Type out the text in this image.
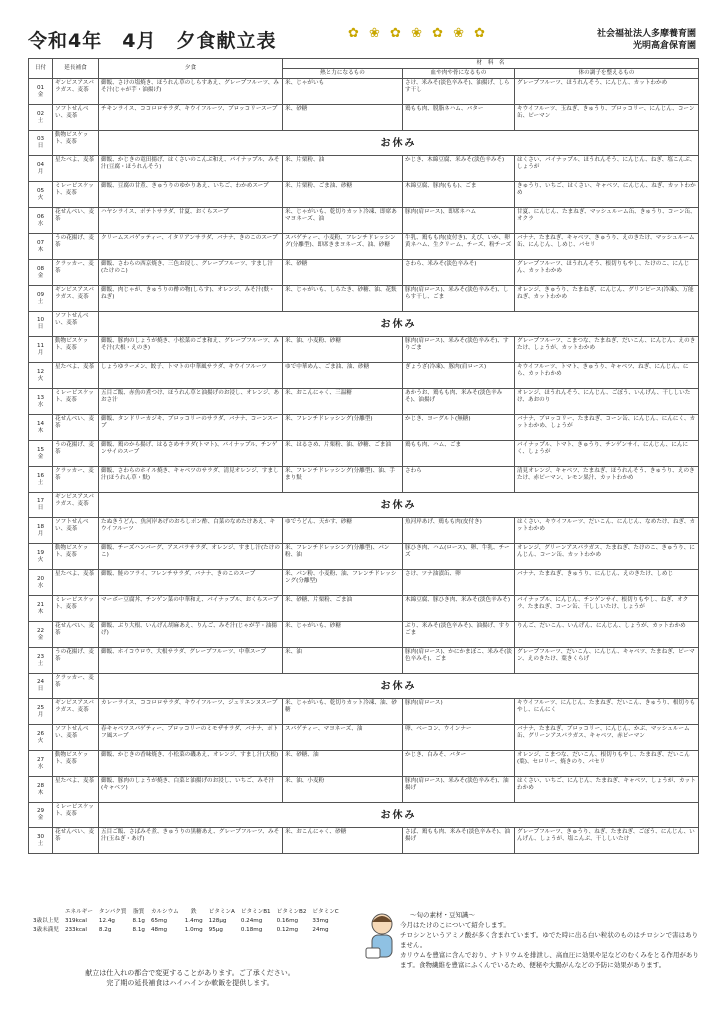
令和4年　4月　夕食献立表	✿ ❀ ✿ ❀ ✿ ❀ ✿	社会福祉法人多摩養育園
光明高倉保育園
日付	延長補食	夕食	材　料　名		
			熱と力になるもの	血や肉や骨になるもの	体の調子を整えるもの

01
金	ギンビスアスパラガス、麦茶	御飯、さけの塩焼き、ほうれん草のしらすあえ、グレープフルーツ、みそ汁(じゃが芋・油揚げ)	米、じゃがいも	さけ、米みそ(淡色辛みそ)、油揚げ、しらす干し	グレープフルーツ、ほうれんそう、にんじん、カットわかめ

02
土	ソフトせんべい、麦茶	チキンライス、ココロロサラダ、キウイフルーツ、ブロッコリースープ	米、砂糖	鶏もも肉、脱脂ネハム、バター	キウイフルーツ、玉ねぎ、きゅうり、ブロッコリー、にんじん、コーン缶、ピーマン

03
日	動物ビスケット、麦茶	お休み			

04
月	星たべよ、麦茶	御飯、かじきの竜田揚げ、はくさいのこんぶ和え、パイナップル、みそ汁(豆腐・ほうれんそう)	米、片栗粉、油	かじき、木綿豆腐、米みそ(淡色辛みそ)	はくさい、パイナップル、ほうれんそう、にんじん、ねぎ、塩こんぶ、しょうが

05
火	ミレービスケット、麦茶	御飯、豆腐の甘煮、きゅうりのゆかりあえ、いちご、わかめスープ	米、片栗粉、ごま油、砂糖	木綿豆腐、豚肉(もも)、ごま	きゅうり、いちご、はくさい、キャベツ、にんじん、ねぎ、カットわかめ

06
水	花せんべい、麦茶	ハヤシライス、ポテトサラダ、甘夏、おくらスープ	米、じゃがいも、乾切りカット冷凍、即席あマヨネーズ、油	豚肉(肩ロース)、即席ネハム	甘夏、にんじん、たまねぎ、マッシュルーム缶、きゅうり、コーン缶、オクラ

07
木	うの花揚げ、麦茶	クリームスパゲッティー、イタリアンサラダ、バナナ、きのこのスープ	スパゲティー、小麦粉、フレンチドレッシング(分離型)、即席きまヨネーズ、油、砂糖	牛乳、鶏もも肉(皮付き)、えび、いか、卵黄ネハム、生クリーム、チーズ、粉チーズ	バナナ、たまねぎ、キャベツ、きゅうり、えのきたけ、マッシュルーム缶、にんじん、しめじ、パセリ

08
金	クラッカー、麦茶	御飯、さわらの西京焼き、三色お浸し、グレープフルーツ、すまし汁(たけのこ)	米、砂糖	さわら、米みそ(淡色辛みそ)	グレープフルーツ、ほうれんそう、根切りもやし、たけのこ、にんじん、カットわかめ

09
土	ギンビスアスパラガス、麦茶	御飯、肉じゃが、きゅうりの酢の物(しらす)、オレンジ、みそ汁(麩・ねぎ)	米、じゃがいも、しらたき、砂糖、油、花麩	豚肉(肩ロース)、米みそ(淡色辛みそ)、しらす干し、ごま	オレンジ、きゅうり、たまねぎ、にんじん、グリンピース(冷凍)、万能ねぎ、カットわかめ

10
日	ソフトせんべい、麦茶	お休み			

11
月	動物ビスケット、麦茶	御飯、豚肉のしょうが焼き、小松菜のごま和え、グレープフルーツ、みそ汁(大根・えのき)	米、油、小麦粉、砂糖	豚肉(肩ロース)、米みそ(淡色辛みそ)、すりごま	グレープフルーツ、こまつな、たまねぎ、だいこん、にんじん、えのきたけ、しょうが、カットわかめ

12
火	星たべよ、麦茶	しょうゆラーメン、餃子、トマトの中華風サラダ、キウイフルーツ	ゆで中華めん、ごま油、油、砂糖	ぎょうざ(冷凍)、豚肉(肩ロース)	キウイフルーツ、トマト、きゅうり、キャベツ、ねぎ、にんじん、にら、カットわかめ

13
水	ミレービスケット、麦茶	五目ご飯、赤魚の煮つけ、ほうれん草と油揚げのお浸し、オレンジ、あおさ汁	米、おこんにゃく、三温糖	あかうお、鶏もも肉、米みそ(淡色辛みそ)、油揚げ	オレンジ、ほうれんそう、にんじん、ごぼう、いんげん、干ししいたけ、あおのり

14
木	花せんべい、麦茶	御飯、タンドリーカジキ、ブロッコリーのサラダ、バナナ、コーンスープ	米、フレンチドレッシング(分離型)	かじき、ヨーグルト(無糖)	バナナ、ブロッコリー、たまねぎ、コーン缶、にんじん、にんにく、カットわかめ、しょうが

15
金	うの花揚げ、麦茶	御飯、鶏のから揚げ、はるさめサラダ(トマト)、パイナップル、チンゲンサイのスープ	米、はるさめ、片栗粉、油、砂糖、ごま油	鶏もも肉、ハム、ごま	パイナップル、トマト、きゅうり、チンゲンサイ、にんじん、にんにく、しょうが

16
土	クラッカー、麦茶	御飯、さわらのホイル焼き、キャベツのサラダ、清見オレンジ、すまし汁(ほうれん草・麩)	米、フレンチドレッシング(分離型)、油、手まり麩	さわら	清見オレンジ、キャベツ、たまねぎ、ほうれんそう、きゅうり、えのきたけ、赤ピーマン、レモン果汁、カットわかめ

17
日	ギンビスアスパラガス、麦茶	お休み			

18
月	ソフトせんべい、麦茶	たぬきうどん、魚河岸あげのおろしポン酢、白菜のなめたけあえ、キウイフルーツ	ゆでうどん、天かす、砂糖	魚河岸あげ、鶏もも肉(皮付き)	はくさい、キウイフルーツ、だいこん、にんじん、なめたけ、ねぎ、カットわかめ

19
火	動物ビスケット、麦茶	御飯、チーズハンバーグ、アスパラサラダ、オレンジ、すまし汁(たけのこ)	米、フレンチドレッシング(分離型)、パン粉、油	豚ひき肉、ハム(ロース)、卵、牛乳、チーズ	オレンジ、グリーンアスパラガス、たまねぎ、たけのこ、きゅうり、にんじん、コーン缶、カットわかめ

20
水	星たべよ、麦茶	御飯、鮭のフライ、フレンチサラダ、バナナ、きのこのスープ	米、パン粉、小麦粉、油、フレンチドレッシング(分離型)	さけ、ツナ油漬缶、卵	バナナ、たまねぎ、きゅうり、にんじん、えのきたけ、しめじ

21
木	ミレービスケット、麦茶	マーボー豆腐丼、チンゲン菜の中華和え、パイナップル、おくらスープ	米、砂糖、片栗粉、ごま油	木綿豆腐、豚ひき肉、米みそ(淡色辛みそ)	パイナップル、にんじん、チンゲンサイ、根切りもやし、ねぎ、オクラ、たまねぎ、コーン缶、干ししいたけ、しょうが

22
金	花せんべい、麦茶	御飯、ぶり大根、いんげん胡麻あえ、りんご、みそ汁(じゃが芋・油揚げ)	米、じゃがいも、砂糖	ぶり、米みそ(淡色辛みそ)、油揚げ、すりごま	りんご、だいこん、いんげん、にんじん、しょうが、カットわかめ

23
土	うの花揚げ、麦茶	御飯、ホイコウロウ、大根サラダ、グレープフルーツ、中華スープ	米、油	豚肉(肩ロース)、かにかまぼこ、米みそ(淡色辛みそ)、ごま	グレープフルーツ、だいこん、にんじん、キャベツ、たまねぎ、ピーマン、えのきたけ、葉きくらげ

24
日	クラッカー、麦茶	お休み			

25
月	ギンビスアスパラガス、麦茶	カレーライス、ココロロサラダ、キウイフルーツ、ジュリエンヌスープ	米、じゃがいも、乾切りカット冷凍、油、砂糖	豚肉(肩ロース)	キウイフルーツ、にんじん、たまねぎ、だいこん、きゅうり、根切りもやし、にんにく

26
火	ソフトせんべい、麦茶	春キャベツスパゲティー、ブロッコリーのミモザサラダ、バナナ、ポトフ風スープ	スパゲティー、マヨネーズ、油	卵、ベーコン、ウインナー	バナナ、たまねぎ、ブロッコリー、にんじん、かぶ、マッシュルーム缶、グリーンアスパラガス、キャベツ、赤ピーマン

27
水	動物ビスケット、麦茶	御飯、かじきの香味焼き、小松菜の磯あえ、オレンジ、すまし汁(大根)	米、砂糖、油	かじき、白みそ、バター	オレンジ、こまつな、だいこん、根切りもやし、たまねぎ、だいこん(葉)、セロリー、焼きのり、パセリ

28
木	星たべよ、麦茶	御飯、豚肉のしょうが焼き、白菜と油揚げのお浸し、いちご、みそ汁(キャベツ)	米、油、小麦粉	豚肉(肩ロース)、米みそ(淡色辛みそ)、油揚げ	はくさい、いちご、にんじん、たまねぎ、キャベツ、しょうが、カットわかめ

29
金	ミレービスケット、麦茶	お休み			

30
土	花せんべい、麦茶	五目ご飯、さばみそ煮、きゅうりの黒糖あえ、グレープフルーツ、みそ汁(玉ねぎ・あげ)	米、おこんにゃく、砂糖	さば、鶏もも肉、米みそ(淡色辛みそ)、油揚げ	グレープフルーツ、きゅうり、ねぎ、たまねぎ、ごぼう、にんじん、いんげん、しょうが、塩こんぶ、干ししいたけ
	エネルギー	タンパク質	脂質	カルシウム	鉄	ビタミンA	ビタミンB1	ビタミンB2	ビタミンC
3歳以上児	319kcal	12.4g	8.1g	65mg	1.4mg	128μg	0.24mg	0.16mg	33mg
3歳未満児	233kcal	8.2g	8.1g	48mg	1.0mg	95μg	0.18mg	0.12mg	24mg
献立は仕入れの都合で変更することがあります。ご了承ください。
完了期の延長補食はハイハインか軟飯を提供します。
～旬の素材・豆知識～
今月はたけのこについて紹介します。
チロシンというアミノ酸が多く含まれています。ゆでた時に出る白い粒状のものはチロシンで害はありません。
カリウムを豊富に含んでおり、ナトリウムを排泄し、高血圧に効果や足などのむくみをとる作用があります。食物繊維を豊富にふくんでいるため、便秘や大腸がんなどの予防に効果があります。
